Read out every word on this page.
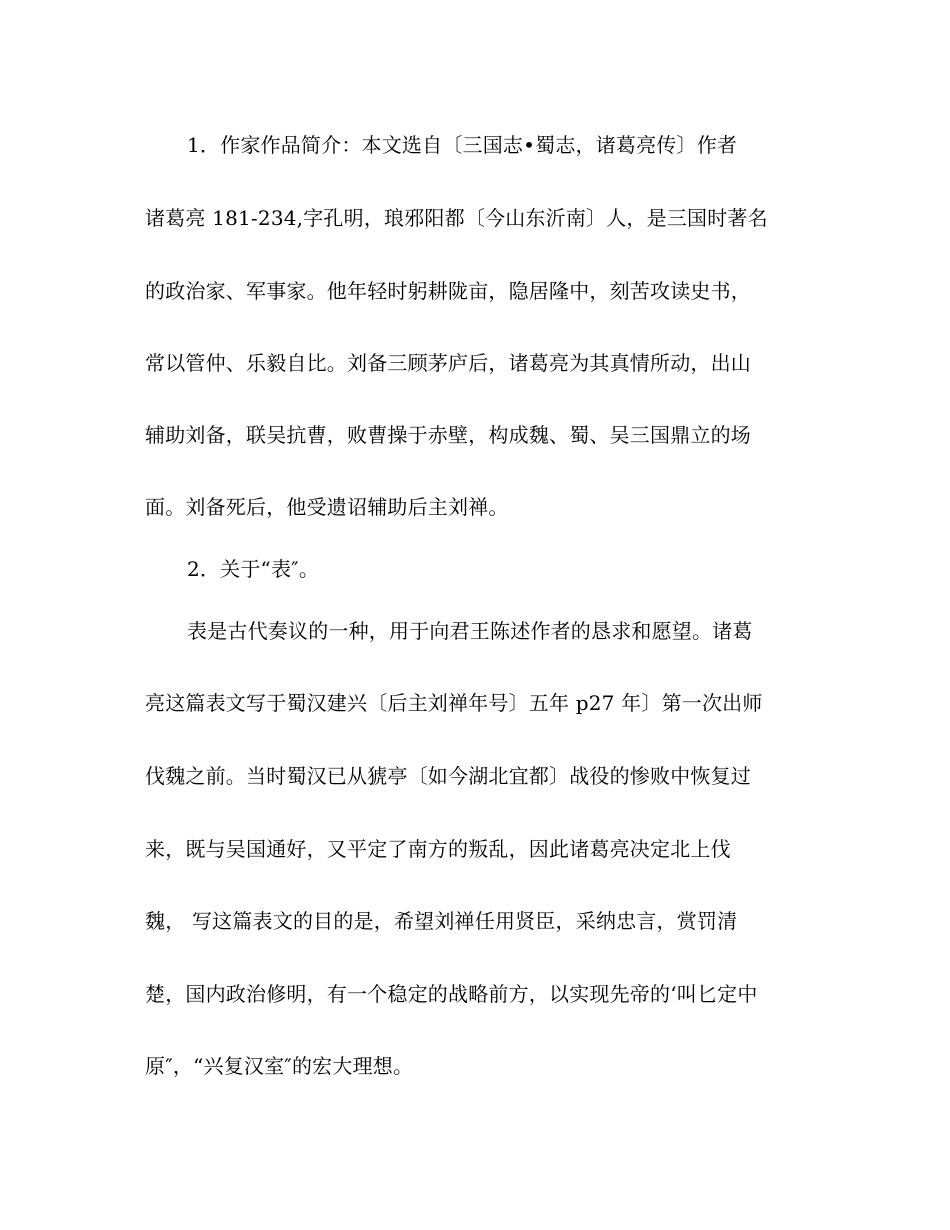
1．作家作品简介：本文选自〔三国志•蜀志，诸葛亮传〕作者
诸葛亮 181-234,字孔明，琅邪阳都〔今山东沂南〕人，是三国时著名
的政治家、军事家。他年轻时躬耕陇亩，隐居隆中，刻苦攻读史书，
常以管仲、乐毅自比。刘备三顾茅庐后，诸葛亮为其真情所动，出山
辅助刘备，联吴抗曹，败曹操于赤壁，构成魏、蜀、吴三国鼎立的场
面。刘备死后，他受遗诏辅助后主刘禅。
2．关于“表″。
表是古代奏议的一种，用于向君王陈述作者的恳求和愿望。诸葛
亮这篇表文写于蜀汉建兴〔后主刘禅年号〕五年 p27 年〕第一次出师
伐魏之前。当时蜀汉已从猇亭〔如今湖北宜都〕战役的惨败中恢复过
来，既与吴国通好，又平定了南方的叛乱，因此诸葛亮决定北上伐
魏， 写这篇表文的目的是，希望刘禅任用贤臣，采纳忠言，赏罚清
楚，国内政治修明，有一个稳定的战略前方，以实现先帝的‘叫匕定中
原″，“兴复汉室″的宏大理想。
